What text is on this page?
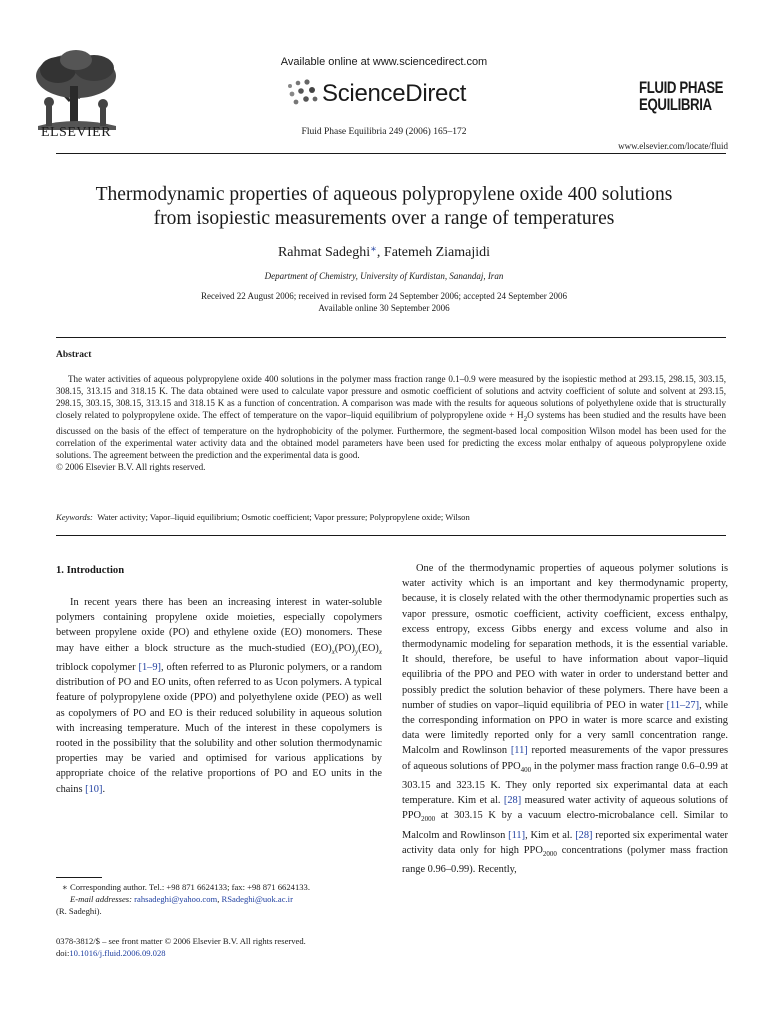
ELSEVIER
Available online at www.sciencedirect.com
ScienceDirect
Fluid Phase Equilibria 249 (2006) 165–172
FLUID PHASE
EQUILIBRIA
www.elsevier.com/locate/fluid
Thermodynamic properties of aqueous polypropylene oxide 400 solutions
from isopiestic measurements over a range of temperatures
Rahmat Sadeghi∗, Fatemeh Ziamajidi
Department of Chemistry, University of Kurdistan, Sanandaj, Iran
Received 22 August 2006; received in revised form 24 September 2006; accepted 24 September 2006
Available online 30 September 2006
Abstract
The water activities of aqueous polypropylene oxide 400 solutions in the polymer mass fraction range 0.1–0.9 were measured by the isopiestic method at 293.15, 298.15, 303.15, 308.15, 313.15 and 318.15 K. The data obtained were used to calculate vapor pressure and osmotic coefficient of solutions and actvity coefficient of solute and solvent at 293.15, 298.15, 303.15, 308.15, 313.15 and 318.15 K as a function of concentration. A comparison was made with the results for aqueous solutions of polyethylene oxide that is structurally closely related to polypropylene oxide. The effect of temperature on the vapor–liquid equilibrium of polypropylene oxide + $H_2O$ systems has been studied and the results have been discussed on the basis of the effect of temperature on the hydrophobicity of the polymer. Furthermore, the segment-based local composition Wilson model has been used for the correlation of the experimental water activity data and the obtained model parameters have been used for predicting the excess molar enthalpy of aqueous polypropylene oxide solutions. The agreement between the prediction and the experimental data is good.
© 2006 Elsevier B.V. All rights reserved.
Keywords: Water activity; Vapor–liquid equilibrium; Osmotic coefficient; Vapor pressure; Polypropylene oxide; Wilson
1. Introduction
In recent years there has been an increasing interest in water-soluble polymers containing propylene oxide moieties, especially copolymers between propylene oxide (PO) and ethylene oxide (EO) monomers. These may have either a block structure as the much-studied $(EO)_x(PO)_y(EO)_x$ triblock copolymer [1–9], often referred to as Pluronic polymers, or a random distribution of PO and EO units, often referred to as Ucon polymers. A typical feature of polypropylene oxide (PPO) and polyethylene oxide (PEO) as well as copolymers of PO and EO is their reduced solubility in aqueous solution with increasing temperature. Much of the interest in these copolymers is rooted in the possibility that the solubility and other solution thermodynamic properties may be varied and optimised for various applications by appropriate choice of the relative proportions of PO and EO units in the chains [10].
∗ Corresponding author. Tel.: +98 871 6624133; fax: +98 871 6624133.
E-mail addresses: rahsadeghi@yahoo.com, RSadeghi@uok.ac.ir
(R. Sadeghi).
0378-3812/$ – see front matter © 2006 Elsevier B.V. All rights reserved.
doi:10.1016/j.fluid.2006.09.028
One of the thermodynamic properties of aqueous polymer solutions is water activity which is an important and key thermodynamic property, because, it is closely related with the other thermodynamic properties such as vapor pressure, osmotic coefficient, activity coefficient, excess enthalpy, excess entropy, excess Gibbs energy and excess volume and also in thermodynamic modeling for separation methods, it is the essential variable. It should, therefore, be useful to have information about vapor–liquid equilibria of the PPO and PEO with water in order to understand better and possibly predict the solution behavior of these polymers. There have been a number of studies on vapor–liquid equilibria of PEO in water [11–27], while the corresponding information on PPO in water is more scarce and existing data were limitedly reported only for a very samll concentration range. Malcolm and Rowlinson [11] reported measurements of the vapor pressures of aqueous solutions of $PPO_{400}$ in the polymer mass fraction range 0.6–0.99 at 303.15 and 323.15 K. They only reported six experimantal data at each temperature. Kim et al. [28] measured water activity of aqueous solutions of $PPO_{2000}$ at 303.15 K by a vacuum electro-microbalance cell. Similar to Malcolm and Rowlinson [11], Kim et al. [28] reported six experimental water activity data only for high $PPO_{2000}$ concentrations (polymer mass fraction range 0.96–0.99). Recently,
